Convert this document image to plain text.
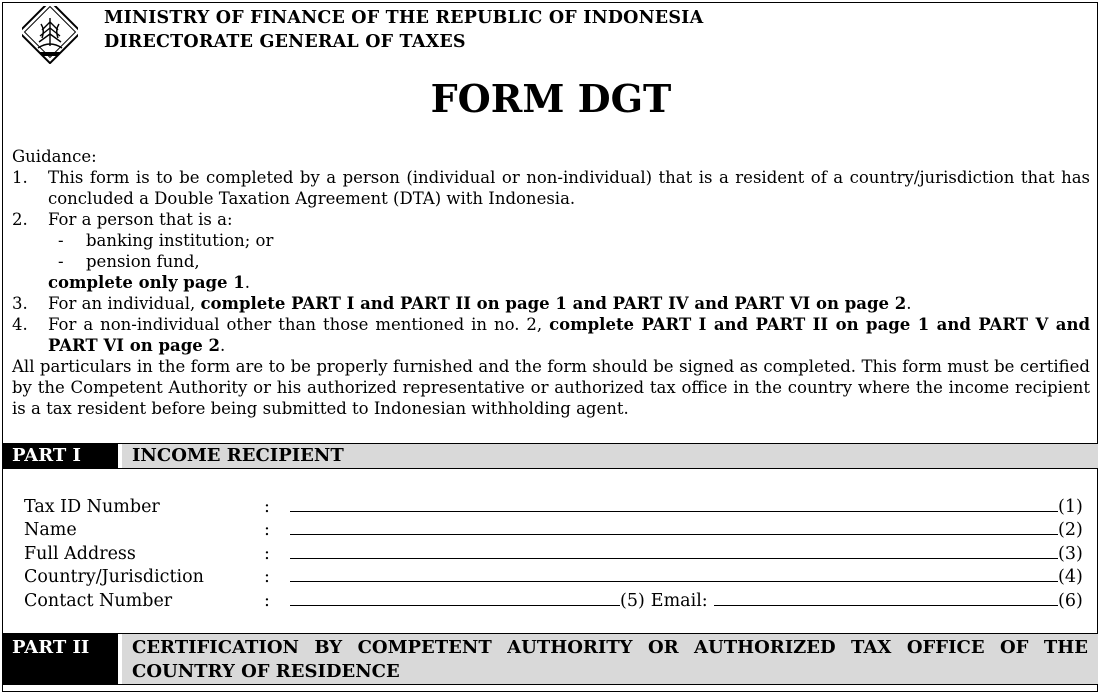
MINISTRY OF FINANCE OF THE REPUBLIC OF INDONESIA
DIRECTORATE GENERAL OF TAXES
FORM DGT
Guidance:
1.	This form is to be completed by a person (individual or non-individual) that is a resident of a country/jurisdiction that has concluded a Double Taxation Agreement (DTA) with Indonesia.
2.	For a person that is a:
-	banking institution; or
-	pension fund,
complete only page 1.
3.	For an individual, complete PART I and PART II on page 1 and PART IV and PART VI on page 2.
4.	For a non-individual other than those mentioned in no. 2, complete PART I and PART II on page 1 and PART V and PART VI on page 2.
All particulars in the form are to be properly furnished and the form should be signed as completed. This form must be certified by the Competent Authority or his authorized representative or authorized tax office in the country where the income recipient is a tax resident before being submitted to Indonesian withholding agent.
PART I	INCOME RECIPIENT
Tax ID Number	:	(1)
Name	:	(2)
Full Address	:	(3)
Country/Jurisdiction	:	(4)
Contact Number	:	(5) Email:	(6)
PART II	CERTIFICATION BY COMPETENT AUTHORITY OR AUTHORIZED TAX OFFICE OF THE COUNTRY OF RESIDENCE
